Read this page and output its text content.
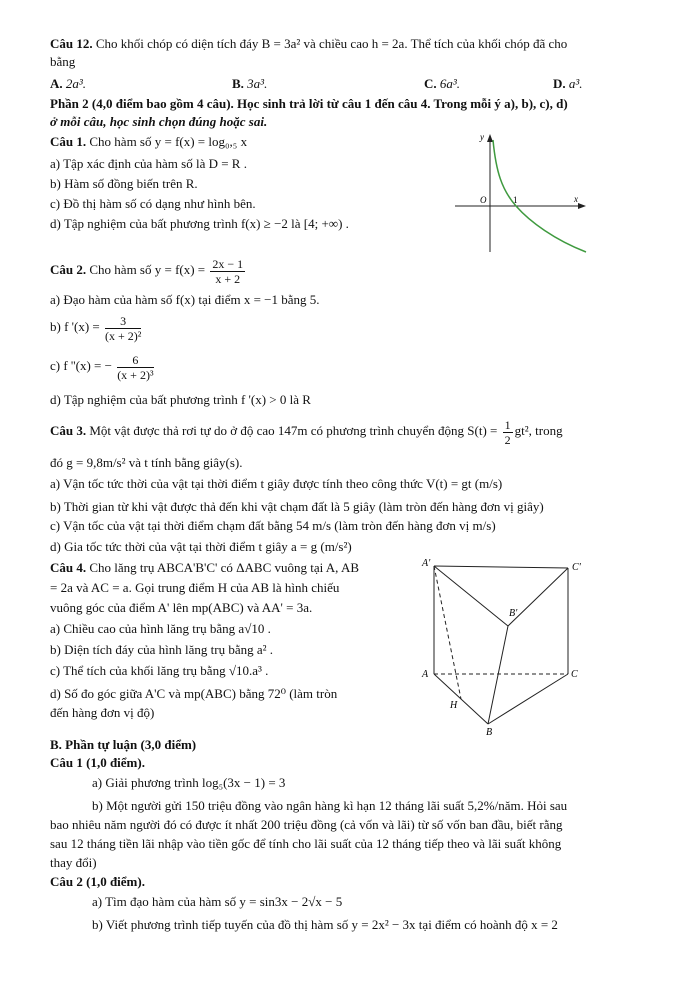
Câu 12. Cho khối chóp có diện tích đáy B = 3a² và chiều cao h = 2a. Thể tích của khối chóp đã cho
bằng
A. 2a³.	B. 3a³.	C. 6a³.	D. a³.
Phần 2 (4,0 điểm bao gồm 4 câu). Học sinh trả lời từ câu 1 đến câu 4. Trong mỗi ý a), b), c), d)
ở mỗi câu, học sinh chọn đúng hoặc sai.
Câu 1. Cho hàm số y = f(x) = log₀,₅ x
a) Tập xác định của hàm số là D = R .
b) Hàm số đồng biến trên R.
c) Đồ thị hàm số có dạng như hình bên.
d) Tập nghiệm của bất phương trình f(x) ≥ −2 là [4; +∞) .
y
x
O	1
Câu 2. Cho hàm số $y = f(x) = \frac{2x - 1}{x + 2}$
a) Đạo hàm của hàm số f(x) tại điểm x = −1 bằng 5.
b) f '$(x) = \frac{3}{\text{(x + 2)²}}$
c) f ''(x) = − $\frac{6}{\text{(x + 2)³}}$
d) Tập nghiệm của bất phương trình f '(x) > 0 là R
Câu 3. Một vật được thả rơi tự do ở độ cao 147m có phương trình chuyển động $S(t) = \frac{1}{2} gt^2$, trong
đó g = 9,8m/s² và t tính bằng giây(s).
a) Vận tốc tức thời của vật tại thời điểm t giây được tính theo công thức V(t) = gt (m/s)
b) Thời gian từ khi vật được thả đến khi vật chạm đất là 5 giây (làm tròn đến hàng đơn vị giây)
c) Vận tốc của vật tại thời điểm chạm đất bằng 54 m/s (làm tròn đến hàng đơn vị m/s)
d) Gia tốc tức thời của vật tại thời điểm t giây a = g (m/s²)
Câu 4. Cho lăng trụ ABCA'B'C' có ΔABC vuông tại A, AB
= 2a và AC = a. Gọi trung điểm H của AB là hình chiếu
vuông góc của điểm A' lên mp(ABC) và AA' = 3a.
a) Chiều cao của hình lăng trụ bằng a√10 .
b) Diện tích đáy của hình lăng trụ bằng a² .
c) Thể tích của khối lăng trụ bằng √10.a³ .
d) Số đo góc giữa A'C và mp(ABC) bằng 72⁰ (làm tròn
đến hàng đơn vị độ)
A'	C'
B'
A	C
H
B
B. Phần tự luận (3,0 điểm)
Câu 1 (1,0 điểm).
a) Giải phương trình log₅(3x − 1) = 3
b) Một người gửi 150 triệu đồng vào ngân hàng kì hạn 12 tháng lãi suất 5,2%/năm. Hỏi sau
bao nhiêu năm người đó có được ít nhất 200 triệu đồng (cả vốn và lãi) từ số vốn ban đầu, biết rằng
sau 12 tháng tiền lãi nhập vào tiền gốc để tính cho lãi suất của 12 tháng tiếp theo và lãi suất không
thay đổi)
Câu 2 (1,0 điểm).
a) Tìm đạo hàm của hàm số y = sin3x − 2√x − 5
b) Viết phương trình tiếp tuyến của đồ thị hàm số y = 2x² − 3x tại điểm có hoành độ x = 2
